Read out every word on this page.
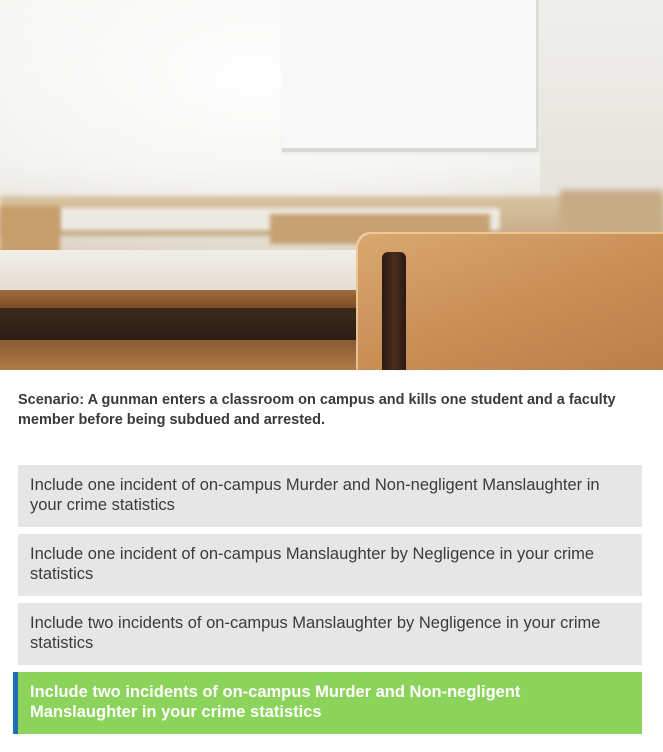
Scenario: A gunman enters a classroom on campus and kills one student and a faculty member before being subdued and arrested.

Include one incident of on-campus Murder and Non-negligent Manslaughter in your crime statistics
Include one incident of on-campus Manslaughter by Negligence in your crime statistics
Include two incidents of on-campus Manslaughter by Negligence in your crime statistics
Include two incidents of on-campus Murder and Non-negligent Manslaughter in your crime statistics
